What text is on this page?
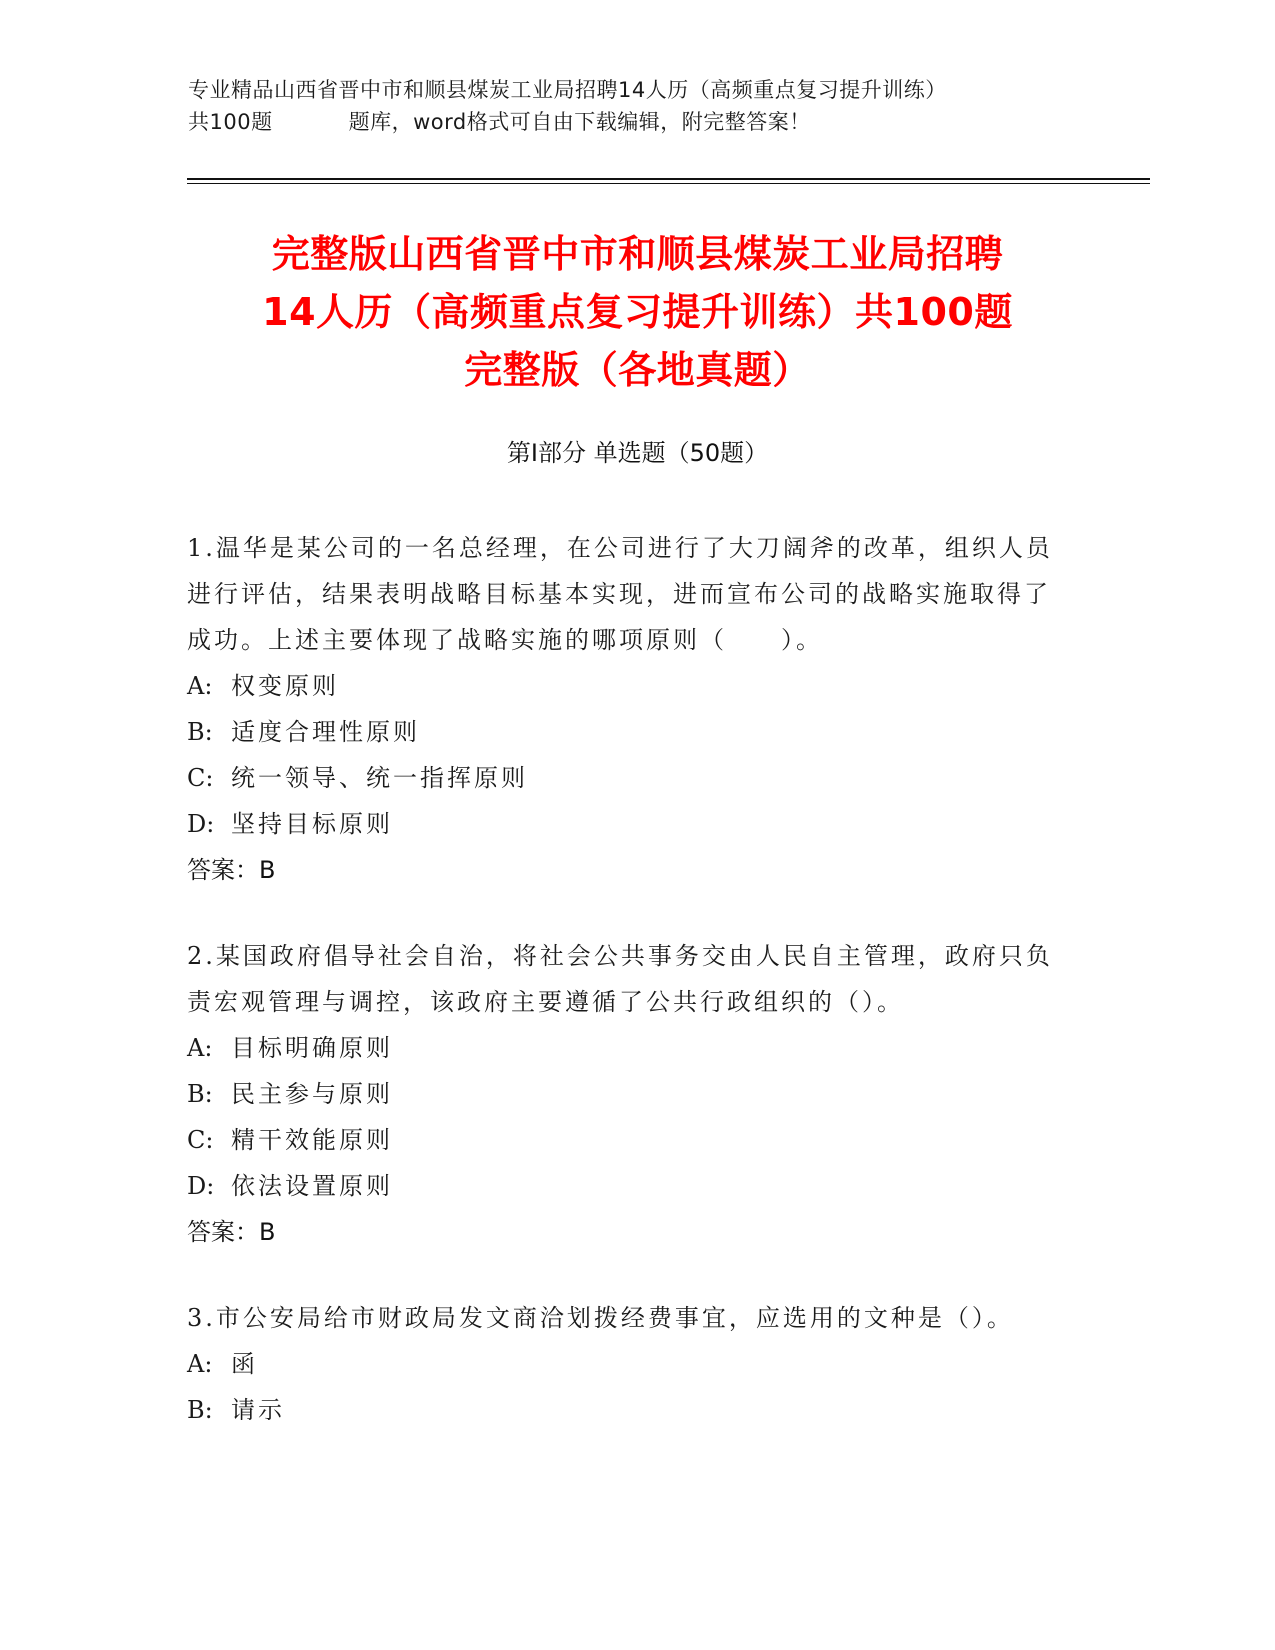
专业精品山西省晋中市和顺县煤炭工业局招聘14人历（高频重点复习提升训练）
共100题	题库，word格式可自由下载编辑，附完整答案！
完整版山西省晋中市和顺县煤炭工业局招聘
14人历（高频重点复习提升训练）共100题
完整版（各地真题）
第Ⅰ部分 单选题（50题）
1.温华是某公司的一名总经理，在公司进行了大刀阔斧的改革，组织人员进行评估，结果表明战略目标基本实现，进而宣布公司的战略实施取得了成功。上述主要体现了战略实施的哪项原则（　　）。
A: 权变原则
B: 适度合理性原则
C: 统一领导、统一指挥原则
D: 坚持目标原则
答案：B
2.某国政府倡导社会自治，将社会公共事务交由人民自主管理，政府只负责宏观管理与调控，该政府主要遵循了公共行政组织的（）。
A: 目标明确原则
B: 民主参与原则
C: 精干效能原则
D: 依法设置原则
答案：B
3.市公安局给市财政局发文商洽划拨经费事宜，应选用的文种是（）。
A: 函
B: 请示
